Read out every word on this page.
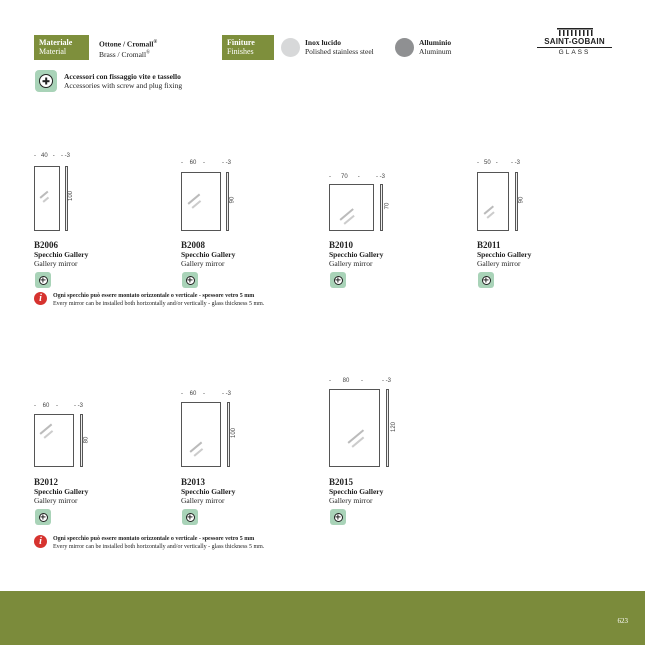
Materiale
Material
Ottone / Cromall®
Brass / Cromall®
Finiture
Finishes
Inox lucido
Polished stainless steel
Alluminio
Aluminum
SAINT-GOBAIN
GLASS
Accessori con fissaggio vite e tassello
Accessories with screw and plug fixing
-   40   - - -3
100
B2006
Specchio Gallery
Gallery mirror
-    60    -	- -3
90
B2008
Specchio Gallery
Gallery mirror
-      70      -	- -3
70
B2010
Specchio Gallery
Gallery mirror
-   50   - - -3
90
B2011
Specchio Gallery
Gallery mirror
i	Ogni specchio può essere montato orizzontale o verticale - spessore vetro 5 mm
Every mirror can be installed both horizontally and/or vertically - glass thickness 5 mm.
-    60    -	- -3
80
B2012
Specchio Gallery
Gallery mirror
-    60    -	- -3
100
B2013
Specchio Gallery
Gallery mirror
-       80       -	- -3
120
B2015
Specchio Gallery
Gallery mirror
i	Ogni specchio può essere montato orizzontale o verticale - spessore vetro 5 mm
Every mirror can be installed both horizontally and/or vertically - glass thickness 5 mm.
623
